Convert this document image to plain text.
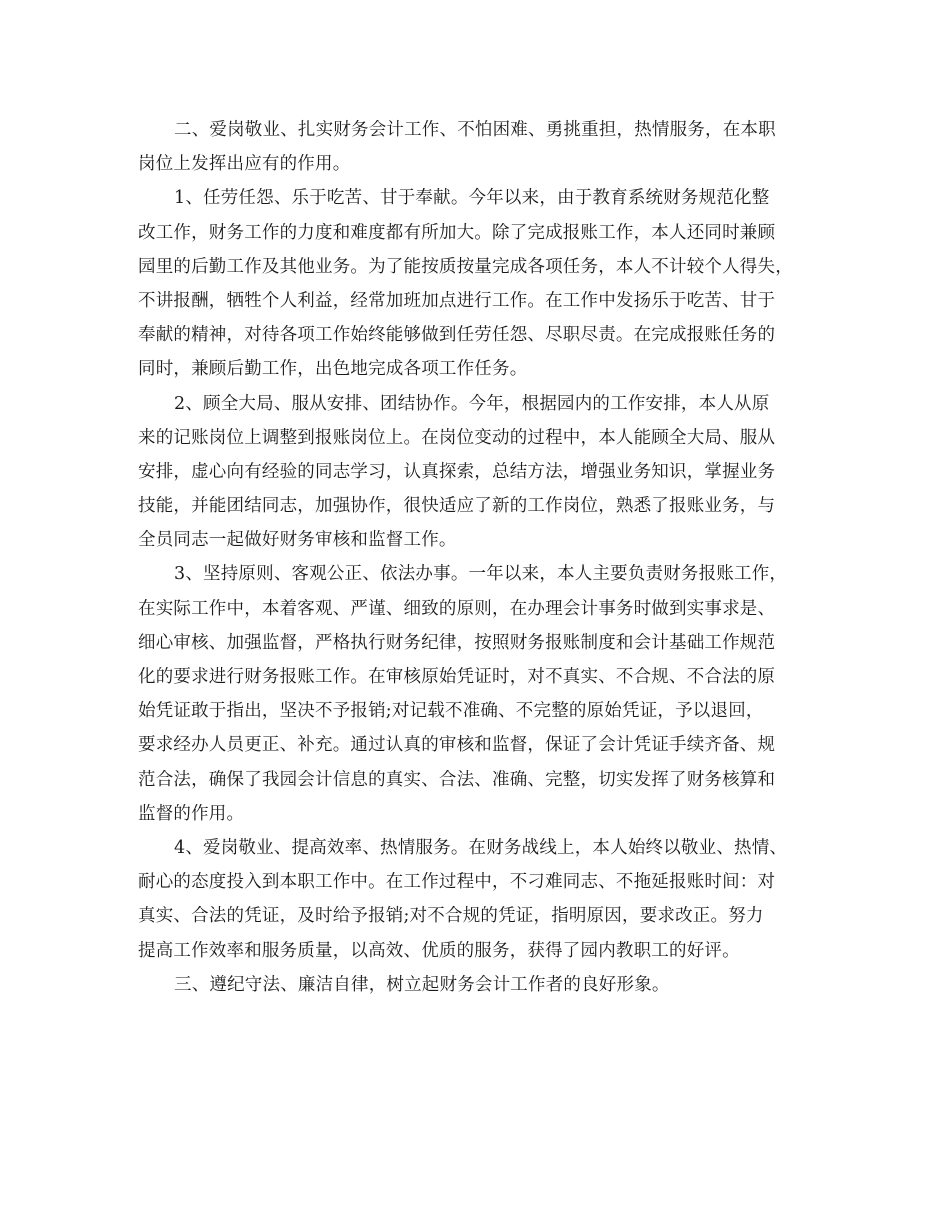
二、爱岗敬业、扎实财务会计工作、不怕困难、勇挑重担，热情服务，在本职
岗位上发挥出应有的作用。
1、任劳任怨、乐于吃苦、甘于奉献。今年以来，由于教育系统财务规范化整
改工作，财务工作的力度和难度都有所加大。除了完成报账工作，本人还同时兼顾
园里的后勤工作及其他业务。为了能按质按量完成各项任务，本人不计较个人得失，
不讲报酬，牺牲个人利益，经常加班加点进行工作。在工作中发扬乐于吃苦、甘于
奉献的精神，对待各项工作始终能够做到任劳任怨、尽职尽责。在完成报账任务的
同时，兼顾后勤工作，出色地完成各项工作任务。
2、顾全大局、服从安排、团结协作。今年，根据园内的工作安排，本人从原
来的记账岗位上调整到报账岗位上。在岗位变动的过程中，本人能顾全大局、服从
安排，虚心向有经验的同志学习，认真探索，总结方法，增强业务知识，掌握业务
技能，并能团结同志，加强协作，很快适应了新的工作岗位，熟悉了报账业务，与
全员同志一起做好财务审核和监督工作。
3、坚持原则、客观公正、依法办事。一年以来，本人主要负责财务报账工作，
在实际工作中，本着客观、严谨、细致的原则，在办理会计事务时做到实事求是、
细心审核、加强监督，严格执行财务纪律，按照财务报账制度和会计基础工作规范
化的要求进行财务报账工作。在审核原始凭证时，对不真实、不合规、不合法的原
始凭证敢于指出，坚决不予报销;对记载不准确、不完整的原始凭证，予以退回，
要求经办人员更正、补充。通过认真的审核和监督，保证了会计凭证手续齐备、规
范合法，确保了我园会计信息的真实、合法、准确、完整，切实发挥了财务核算和
监督的作用。
4、爱岗敬业、提高效率、热情服务。在财务战线上，本人始终以敬业、热情、
耐心的态度投入到本职工作中。在工作过程中，不刁难同志、不拖延报账时间：对
真实、合法的凭证，及时给予报销;对不合规的凭证，指明原因，要求改正。努力
提高工作效率和服务质量，以高效、优质的服务，获得了园内教职工的好评。
三、遵纪守法、廉洁自律，树立起财务会计工作者的良好形象。
